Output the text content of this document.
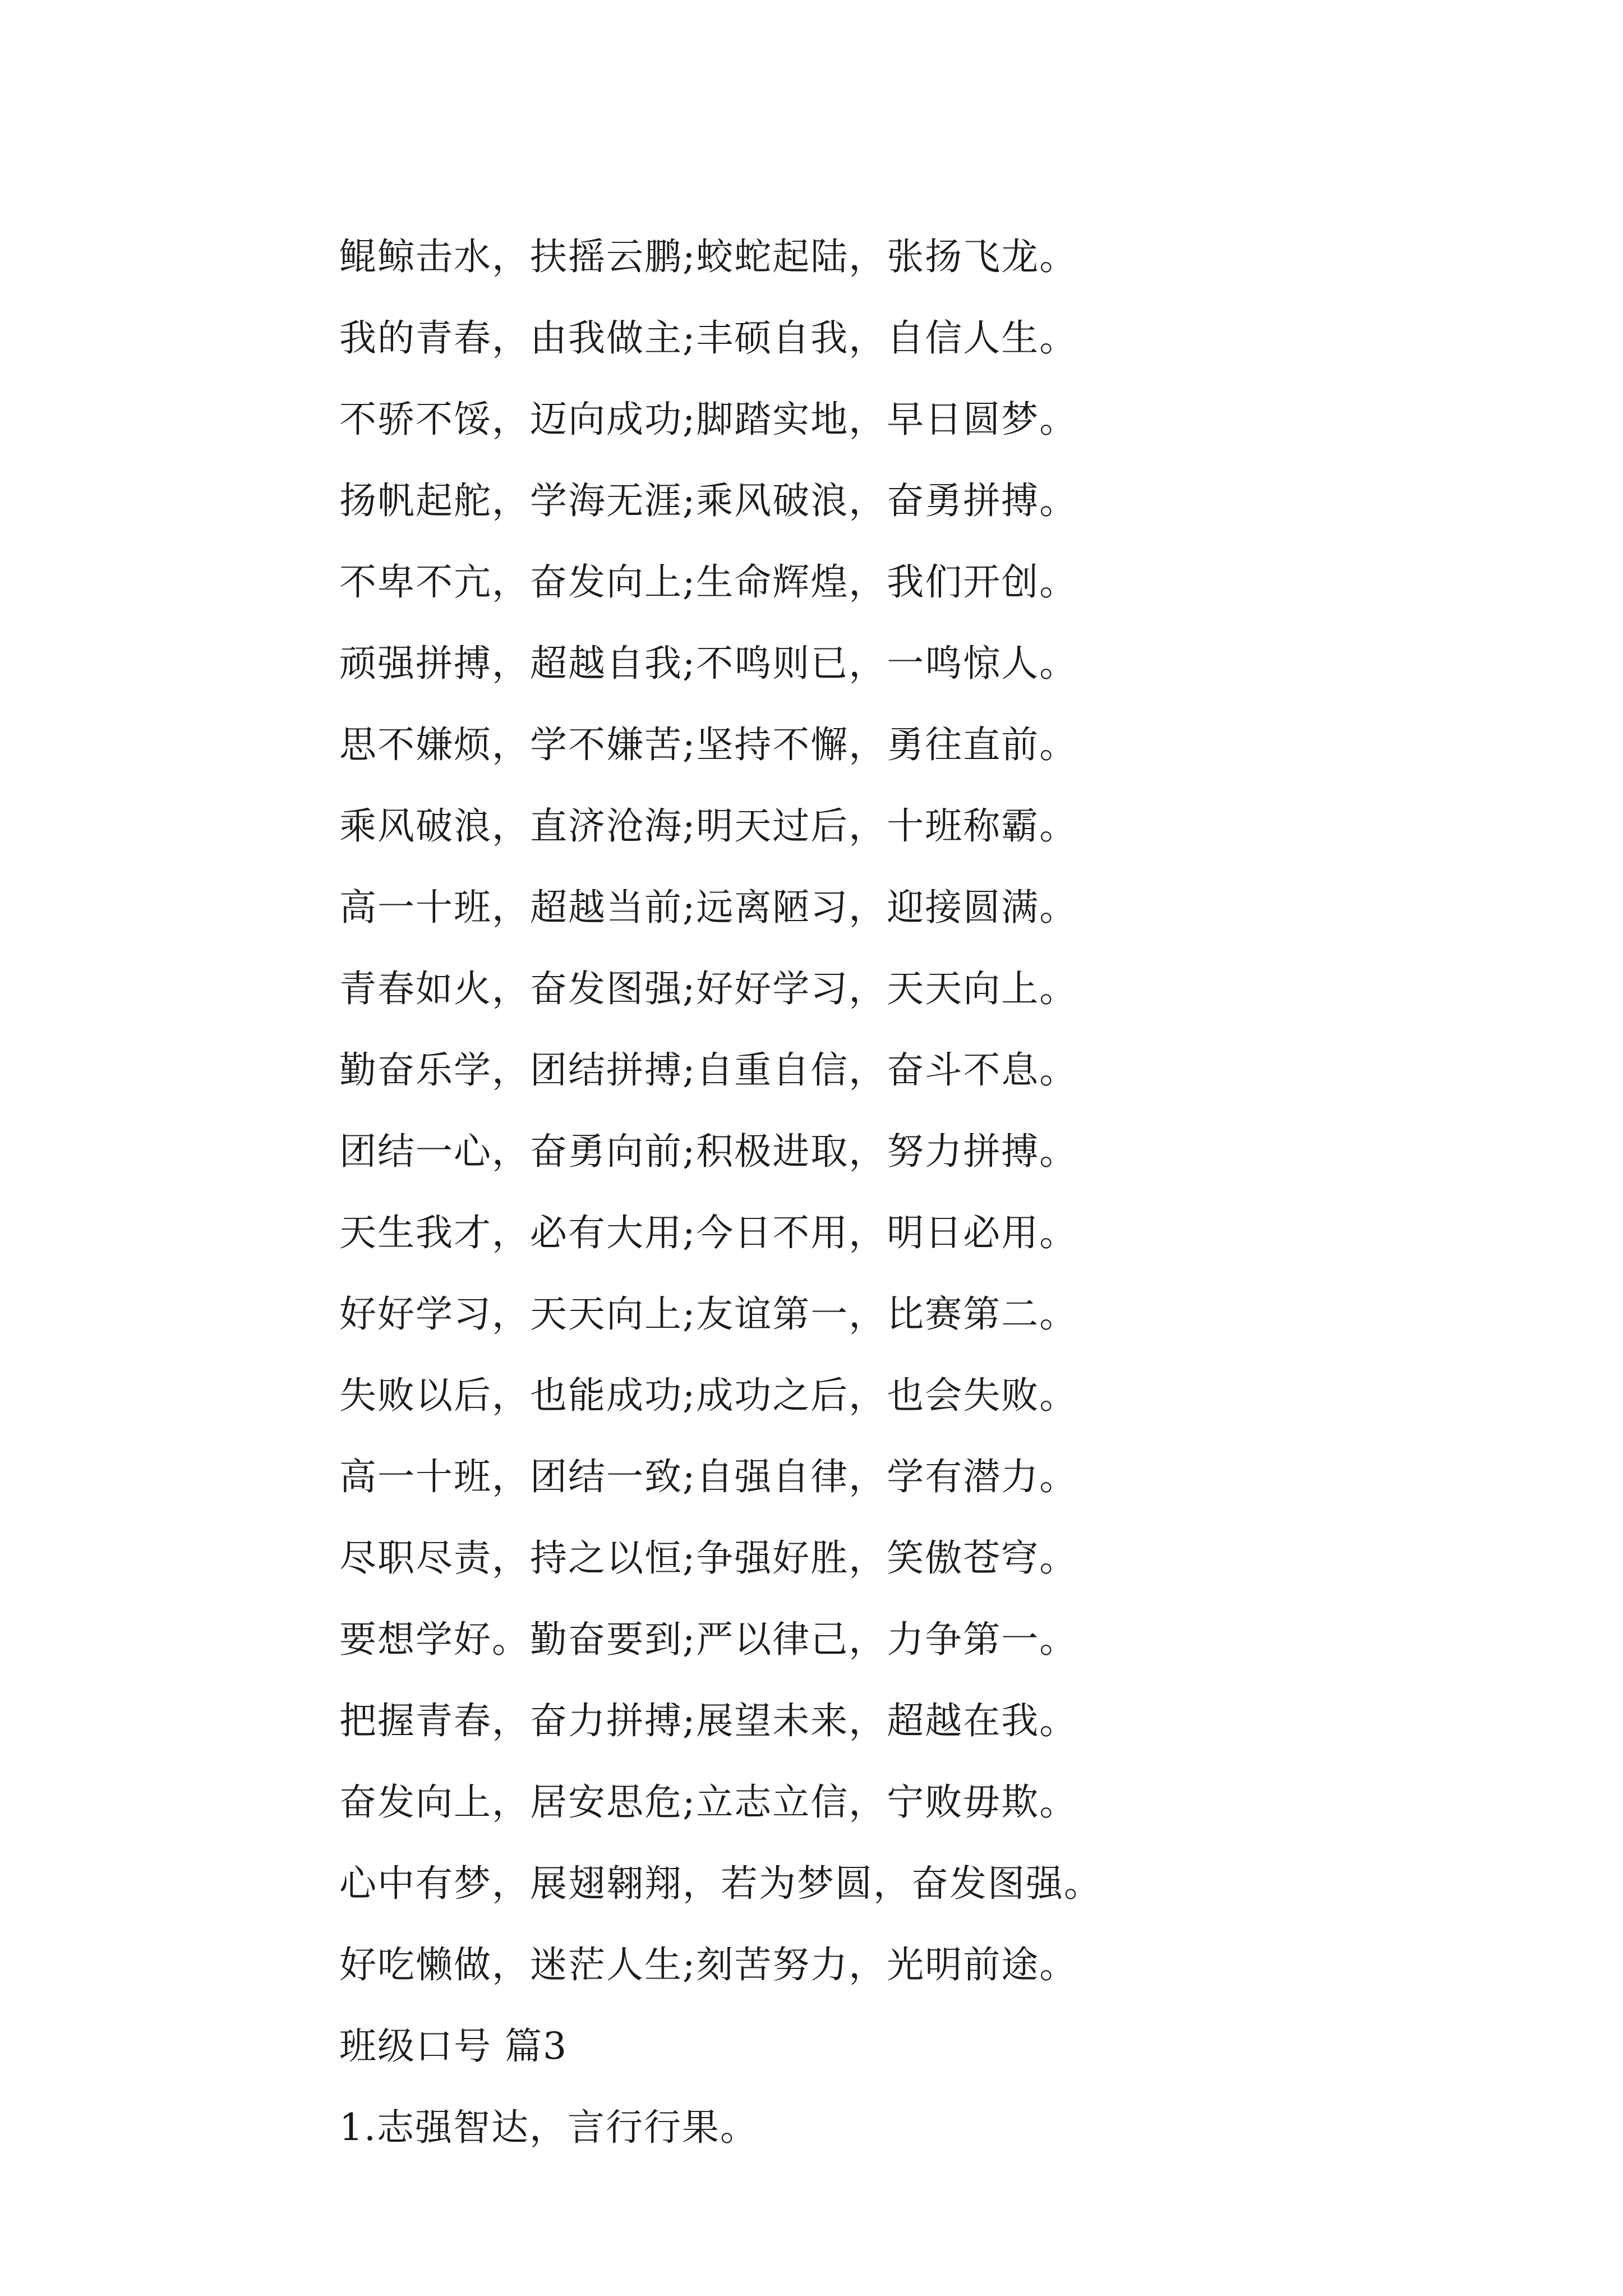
鲲鲸击水，扶摇云鹏;蛟蛇起陆，张扬飞龙。
我的青春，由我做主;丰硕自我，自信人生。
不骄不馁，迈向成功;脚踏实地，早日圆梦。
扬帆起舵，学海无涯;乘风破浪，奋勇拼搏。
不卑不亢，奋发向上;生命辉煌，我们开创。
顽强拼搏，超越自我;不鸣则已，一鸣惊人。
思不嫌烦，学不嫌苦;坚持不懈，勇往直前。
乘风破浪，直济沧海;明天过后，十班称霸。
高一十班，超越当前;远离陋习，迎接圆满。
青春如火，奋发图强;好好学习，天天向上。
勤奋乐学，团结拼搏;自重自信，奋斗不息。
团结一心，奋勇向前;积极进取，努力拼搏。
天生我才，必有大用;今日不用，明日必用。
好好学习，天天向上;友谊第一，比赛第二。
失败以后，也能成功;成功之后，也会失败。
高一十班，团结一致;自强自律，学有潜力。
尽职尽责，持之以恒;争强好胜，笑傲苍穹。
要想学好。勤奋要到;严以律己，力争第一。
把握青春，奋力拼搏;展望未来，超越在我。
奋发向上，居安思危;立志立信，宁败毋欺。
心中有梦，展翅翱翔，若为梦圆，奋发图强。
好吃懒做，迷茫人生;刻苦努力，光明前途。
班级口号 篇3
1.志强智达，言行行果。
